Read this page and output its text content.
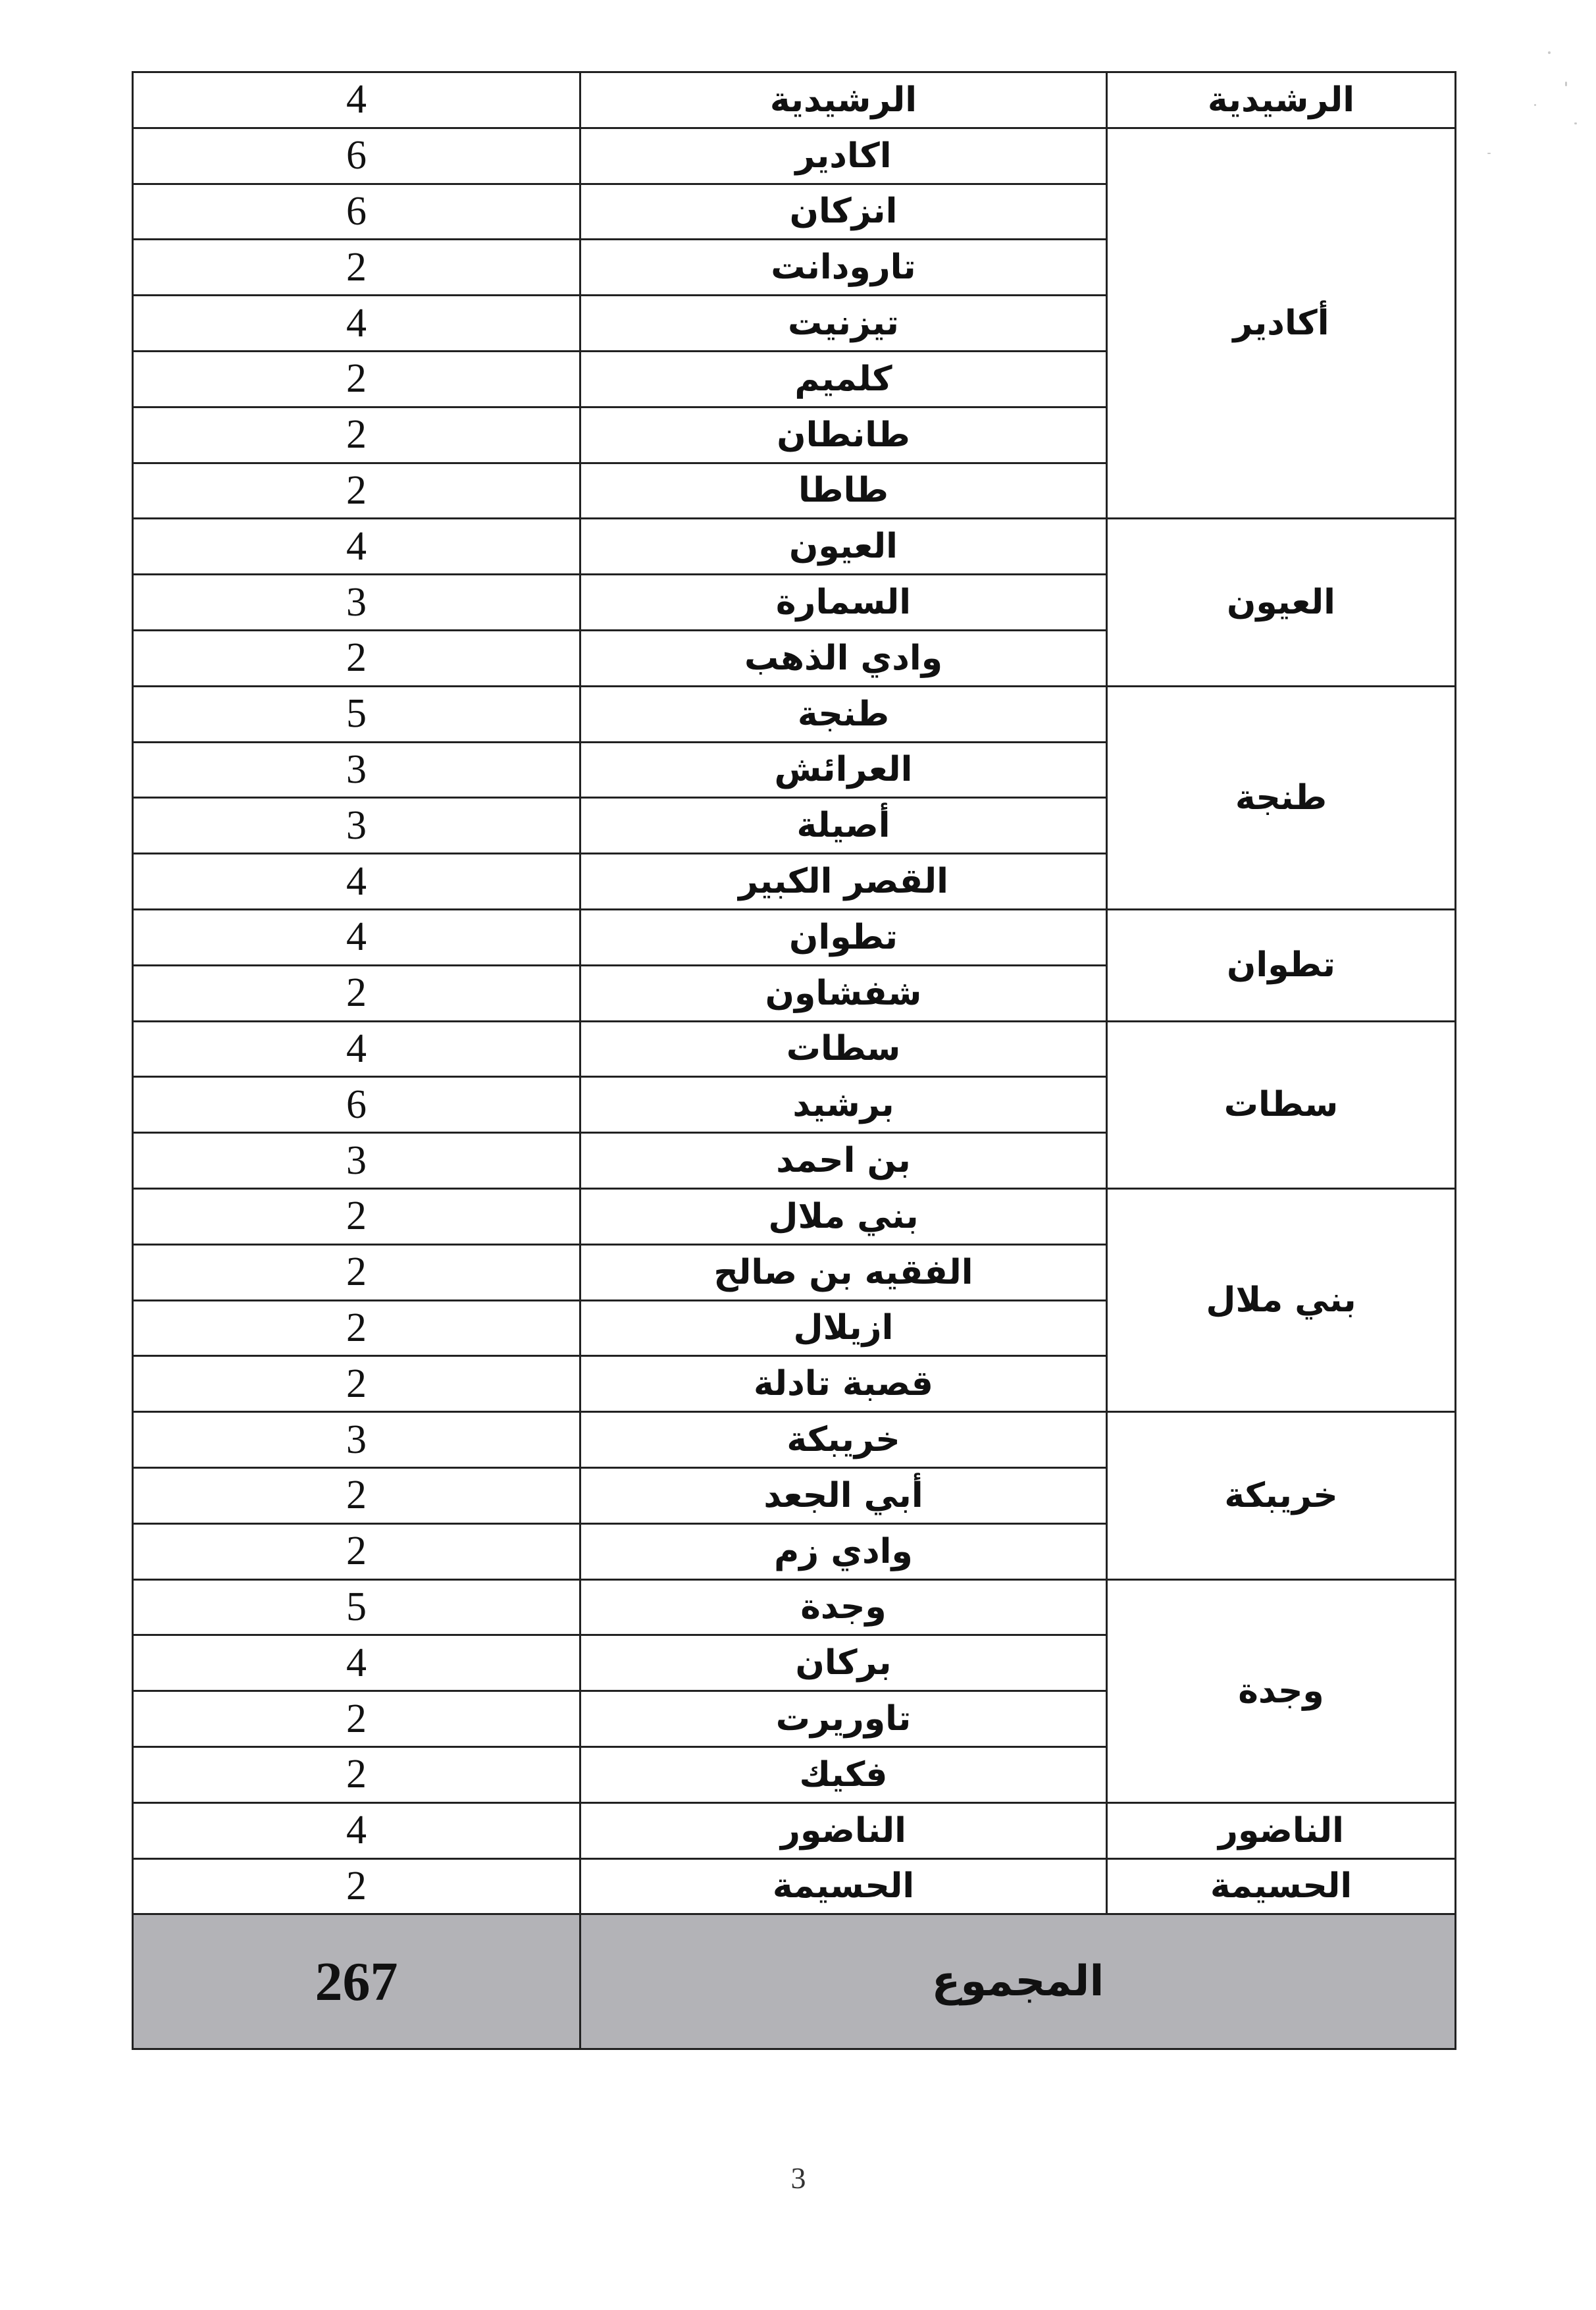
الرشيدية	الرشيدية	4
أكادير	اكادير	6
	انزكان	6
	تارودانت	2
	تيزنيت	4
	كلميم	2
	طانطان	2
	طاطا	2
العيون	العيون	4
	السمارة	3
	وادي الذهب	2
طنجة	طنجة	5
	العرائش	3
	أصيلة	3
	القصر الكبير	4
تطوان	تطوان	4
	شفشاون	2
سطات	سطات	4
	برشيد	6
	بن احمد	3
بني ملال	بني ملال	2
	الفقيه بن صالح	2
	ازيلال	2
	قصبة تادلة	2
خريبكة	خريبكة	3
	أبي الجعد	2
	وادي زم	2
وجدة	وجدة	5
	بركان	4
	تاوريرت	2
	فكيك	2
الناضور	الناضور	4
الحسيمة	الحسيمة	2
المجموع		267
3
